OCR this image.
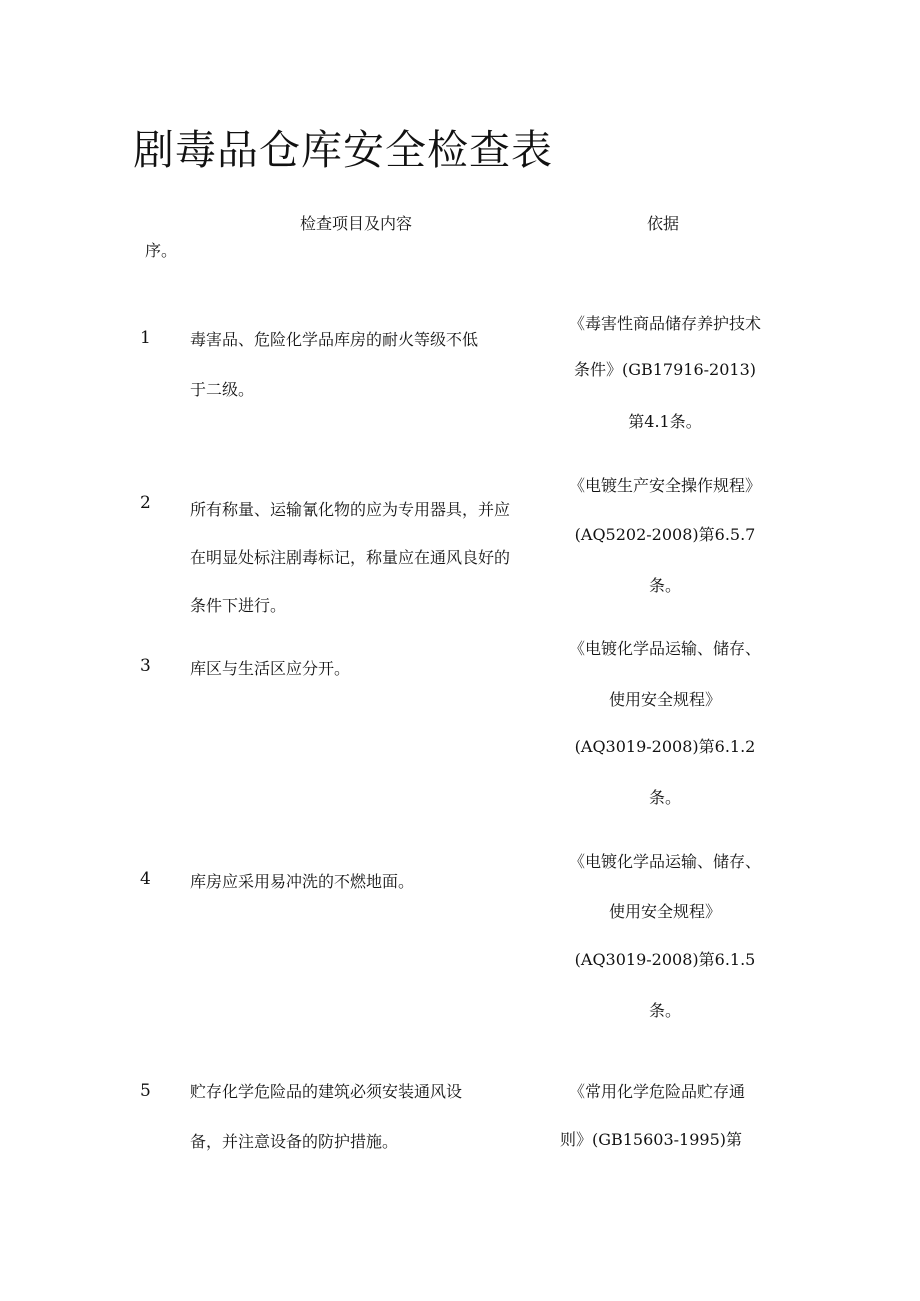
剧毒品仓库安全检查表
检查项目及内容	依据
序。
1 毒害品、危险化学品库房的耐火等级不低
于二级。
《毒害性商品储存养护技术
条件》(GB17916-2013)
第4.1条。
2 所有称量、运输氰化物的应为专用器具，并应
在明显处标注剧毒标记，称量应在通风良好的
条件下进行。
《电镀生产安全操作规程》
(AQ5202-2008)第6.5.7
条。
3 库区与生活区应分开。
《电镀化学品运输、储存、
使用安全规程》
(AQ3019-2008)第6.1.2
条。
4 库房应采用易冲洗的不燃地面。
《电镀化学品运输、储存、
使用安全规程》
(AQ3019-2008)第6.1.5
条。
5 贮存化学危险品的建筑必须安装通风设
备，并注意设备的防护措施。
《常用化学危险品贮存通
则》(GB15603-1995)第
